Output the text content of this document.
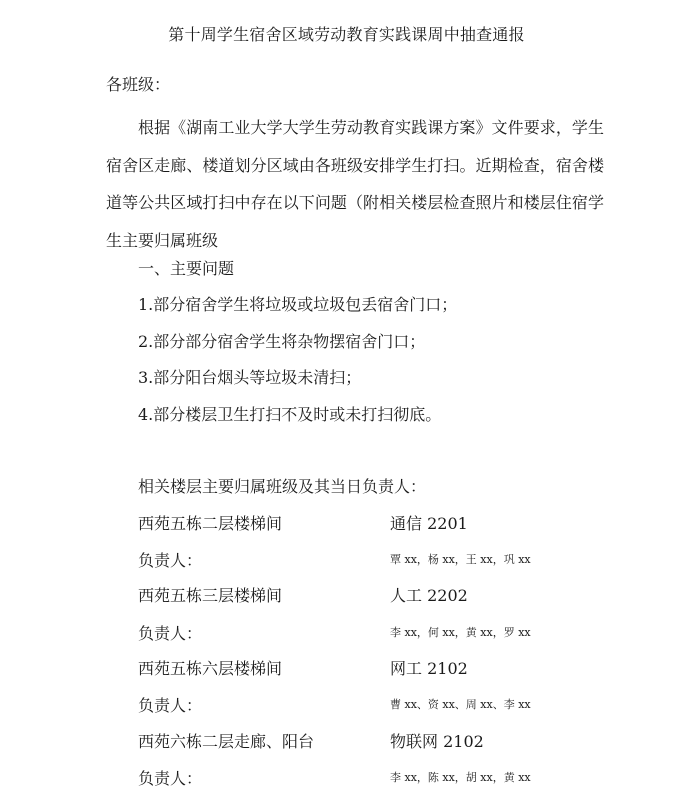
第十周学生宿舍区域劳动教育实践课周中抽查通报
各班级：
根据《湖南工业大学大学生劳动教育实践课方案》文件要求，学生宿舍区走廊、楼道划分区域由各班级安排学生打扫。近期检查，宿舍楼道等公共区域打扫中存在以下问题（附相关楼层检查照片和楼层住宿学生主要归属班级
一、主要问题
1.部分宿舍学生将垃圾或垃圾包丢宿舍门口；
2.部分部分宿舍学生将杂物摆宿舍门口；
3.部分阳台烟头等垃圾未清扫；
4.部分楼层卫生打扫不及时或未打扫彻底。
相关楼层主要归属班级及其当日负责人：
西苑五栋二层楼梯间	通信 2201
负责人：	覃 xx，杨 xx，王 xx，巩 xx
西苑五栋三层楼梯间	人工 2202
负责人：	李 xx，何 xx，黄 xx，罗 xx
西苑五栋六层楼梯间	网工 2102
负责人：	曹 xx、资 xx、周 xx、李 xx
西苑六栋二层走廊、阳台	物联网 2102
负责人：	李 xx，陈 xx，胡 xx，黄 xx
